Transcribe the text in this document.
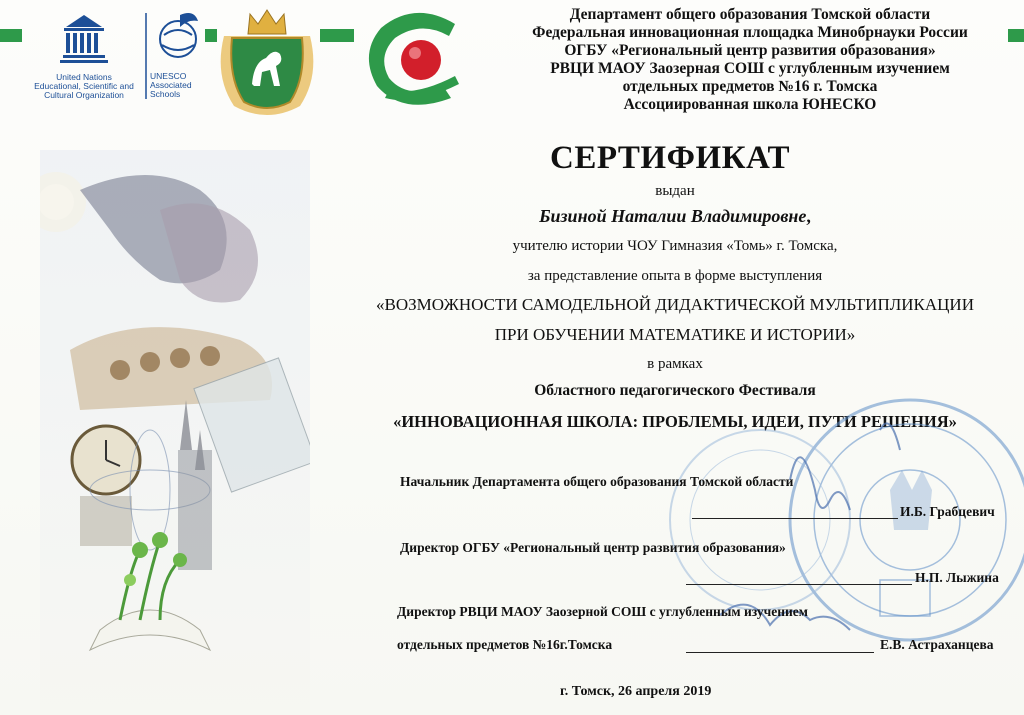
United Nations
Educational, Scientific and
Cultural Organization
UNESCO
Associated
Schools
Департамент общего образования Томской области
Федеральная инновационная площадка Минобрнауки России
ОГБУ «Региональный центр развития образования»
РВЦИ МАОУ Заозерная СОШ с углубленным изучением
отдельных предметов №16 г. Томска
Ассоциированная школа ЮНЕСКО
СЕРТИФИКАТ
выдан
Бизиной Наталии Владимировне,
учителю истории ЧОУ Гимназия «Томь» г. Томска,
за представление опыта в форме выступления
«ВОЗМОЖНОСТИ САМОДЕЛЬНОЙ ДИДАКТИЧЕСКОЙ МУЛЬТИПЛИКАЦИИ
ПРИ ОБУЧЕНИИ МАТЕМАТИКЕ И ИСТОРИИ»
в рамках
Областного педагогического Фестиваля
«ИННОВАЦИОННАЯ ШКОЛА: ПРОБЛЕМЫ, ИДЕИ, ПУТИ РЕШЕНИЯ»
Начальник Департамента общего образования Томской области
И.Б. Грабцевич
Директор ОГБУ «Региональный центр развития образования»
Н.П. Лыжина
Директор РВЦИ МАОУ Заозерной СОШ с углубленным изучением
отдельных предметов №16г.Томска	Е.В. Астраханцева
г. Томск, 26 апреля 2019
